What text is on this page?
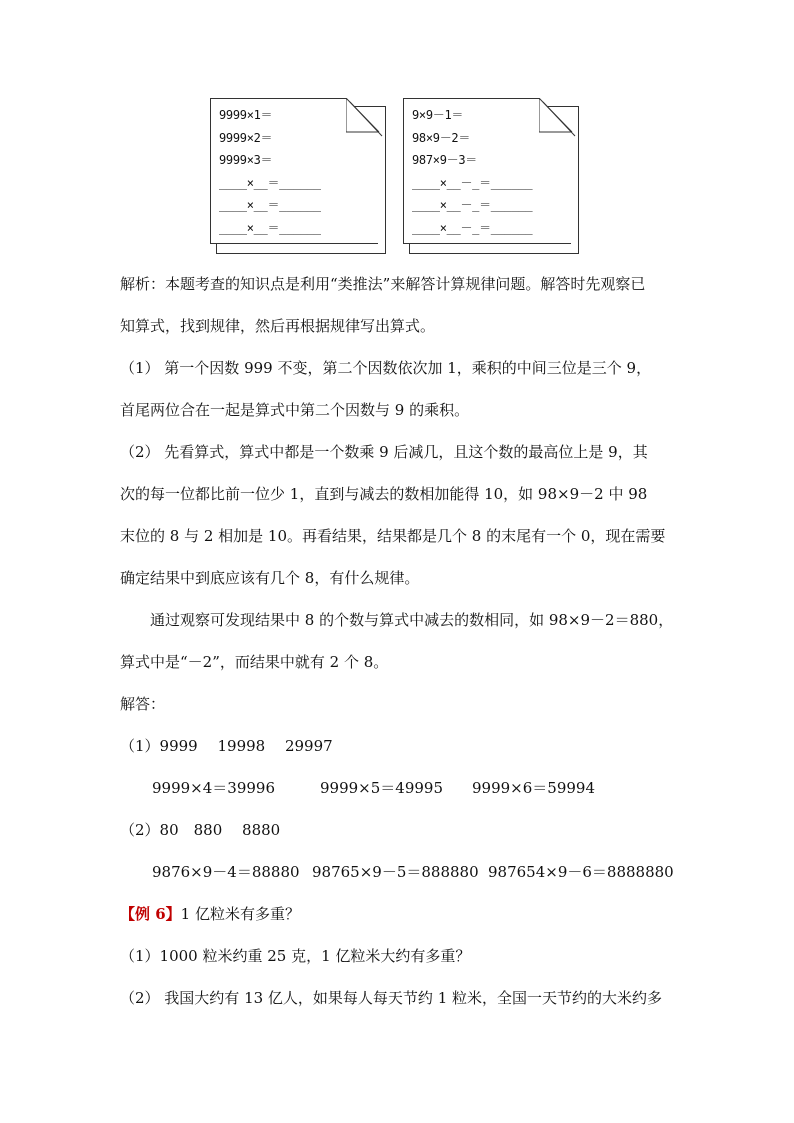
9999×1＝
9999×2＝
9999×3＝
____×__＝______
____×__＝______
____×__＝______
9×9－1＝
98×9－2＝
987×9－3＝
____×__－_＝______
____×__－_＝______
____×__－_＝______
解析：本题考查的知识点是利用“类推法”来解答计算规律问题。解答时先观察已
知算式，找到规律，然后再根据规律写出算式。
（1） 第一个因数 999 不变，第二个因数依次加 1，乘积的中间三位是三个 9，
首尾两位合在一起是算式中第二个因数与 9 的乘积。
（2） 先看算式，算式中都是一个数乘 9 后减几，且这个数的最高位上是 9，其
次的每一位都比前一位少 1，直到与减去的数相加能得 10，如 98×9－2 中 98
末位的 8 与 2 相加是 10。再看结果，结果都是几个 8 的末尾有一个 0，现在需要
确定结果中到底应该有几个 8，有什么规律。
通过观察可发现结果中 8 的个数与算式中减去的数相同，如 98×9－2＝880，
算式中是“－2”，而结果中就有 2 个 8。
解答：
（1）9999　 19998　 29997
9999×4＝39996	9999×5＝49995	9999×6＝59994
（2）80　880　 8880
9876×9－4＝88880 98765×9－5＝888880 987654×9－6＝8888880
【例 6】1 亿粒米有多重？
（1）1000 粒米约重 25 克，1 亿粒米大约有多重？
（2） 我国大约有 13 亿人，如果每人每天节约 1 粒米，全国一天节约的大米约多
